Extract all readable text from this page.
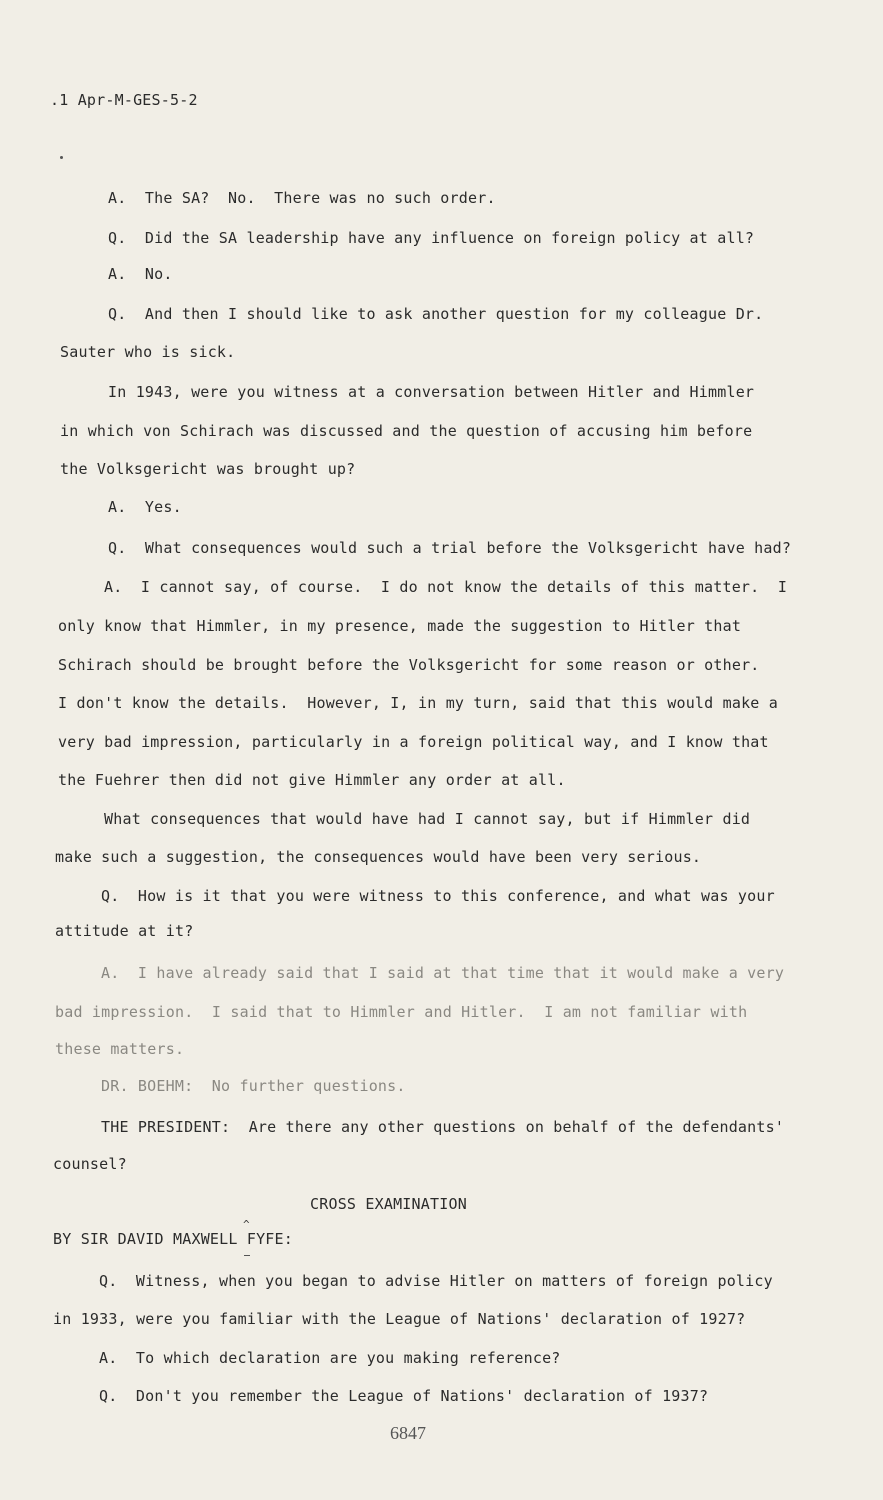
.1 Apr-M-GES-5-2
A.  The SA?  No.  There was no such order.
Q.  Did the SA leadership have any influence on foreign policy at all?
A.  No.
Q.  And then I should like to ask another question for my colleague Dr.
Sauter who is sick.
In 1943, were you witness at a conversation between Hitler and Himmler
in which von Schirach was discussed and the question of accusing him before
the Volksgericht was brought up?
A.  Yes.
Q.  What consequences would such a trial before the Volksgericht have had?
A.  I cannot say, of course.  I do not know the details of this matter.  I
only know that Himmler, in my presence, made the suggestion to Hitler that
Schirach should be brought before the Volksgericht for some reason or other.
I don't know the details.  However, I, in my turn, said that this would make a
very bad impression, particularly in a foreign political way, and I know that
the Fuehrer then did not give Himmler any order at all.
What consequences that would have had I cannot say, but if Himmler did
make such a suggestion, the consequences would have been very serious.
Q.  How is it that you were witness to this conference, and what was your
attitude at it?
A.  I have already said that I said at that time that it would make a very
bad impression.  I said that to Himmler and Hitler.  I am not familiar with
these matters.
DR. BOEHM:  No further questions.
THE PRESIDENT:  Are there any other questions on behalf of the defendants'
counsel?
CROSS EXAMINATION
^
BY SIR DAVID MAXWELL FYFE:
Q.  Witness, when you began to advise Hitler on matters of foreign policy
in 1933, were you familiar with the League of Nations' declaration of 1927?
A.  To which declaration are you making reference?
Q.  Don't you remember the League of Nations' declaration of 1937?
6847
